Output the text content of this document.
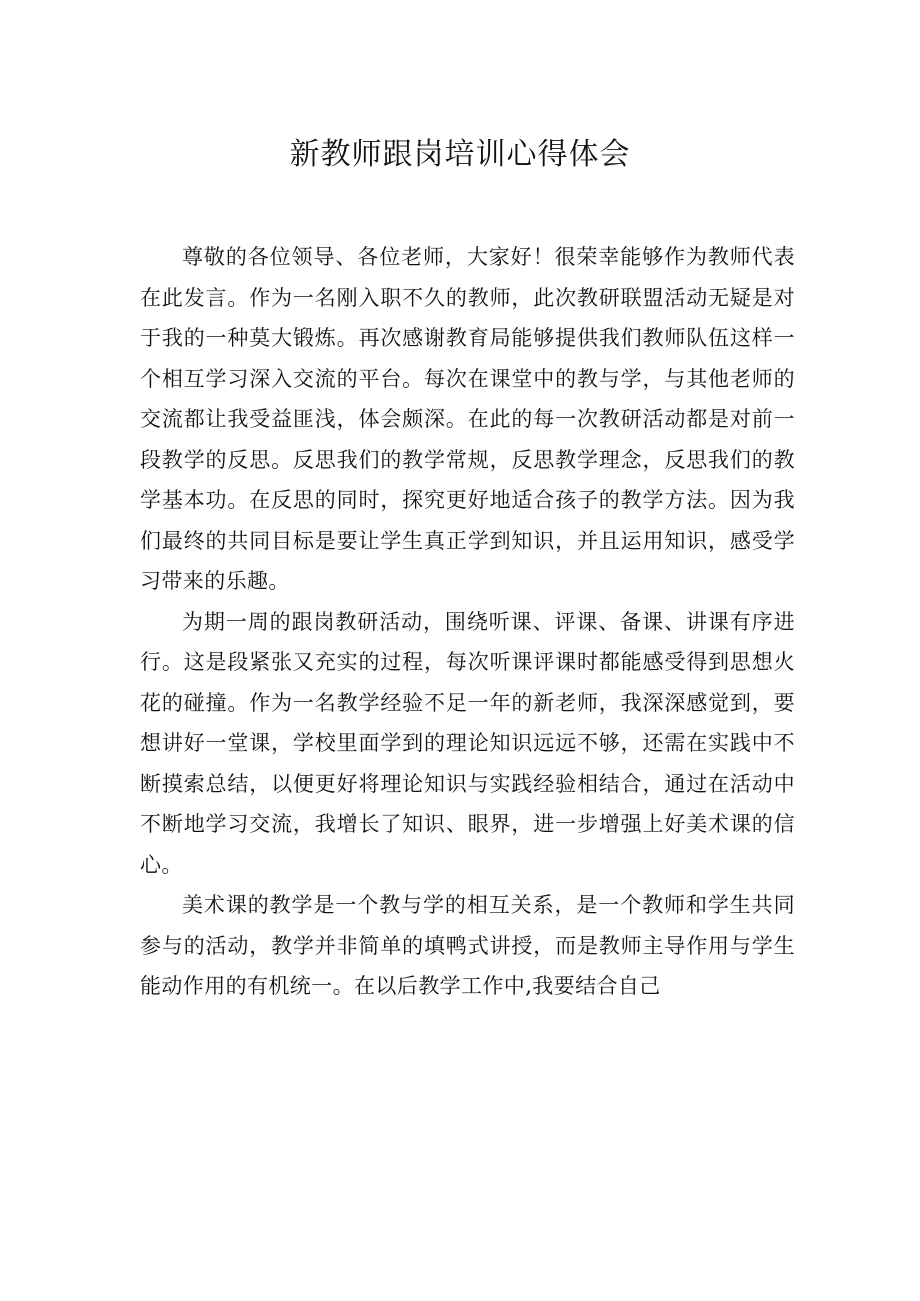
新教师跟岗培训心得体会

尊敬的各位领导、各位老师，大家好！很荣幸能够作为教师代表在此发言。作为一名刚入职不久的教师，此次教研联盟活动无疑是对于我的一种莫大锻炼。再次感谢教育局能够提供我们教师队伍这样一个相互学习深入交流的平台。每次在课堂中的教与学，与其他老师的交流都让我受益匪浅，体会颇深。在此的每一次教研活动都是对前一段教学的反思。反思我们的教学常规，反思教学理念，反思我们的教学基本功。在反思的同时，探究更好地适合孩子的教学方法。因为我们最终的共同目标是要让学生真正学到知识，并且运用知识，感受学习带来的乐趣。

为期一周的跟岗教研活动，围绕听课、评课、备课、讲课有序进行。这是段紧张又充实的过程，每次听课评课时都能感受得到思想火花的碰撞。作为一名教学经验不足一年的新老师，我深深感觉到，要想讲好一堂课，学校里面学到的理论知识远远不够，还需在实践中不断摸索总结，以便更好将理论知识与实践经验相结合，通过在活动中不断地学习交流，我增长了知识、眼界，进一步增强上好美术课的信心。

美术课的教学是一个教与学的相互关系，是一个教师和学生共同参与的活动，教学并非简单的填鸭式讲授，而是教师主导作用与学生能动作用的有机统一。在以后教学工作中,我要结合自己
